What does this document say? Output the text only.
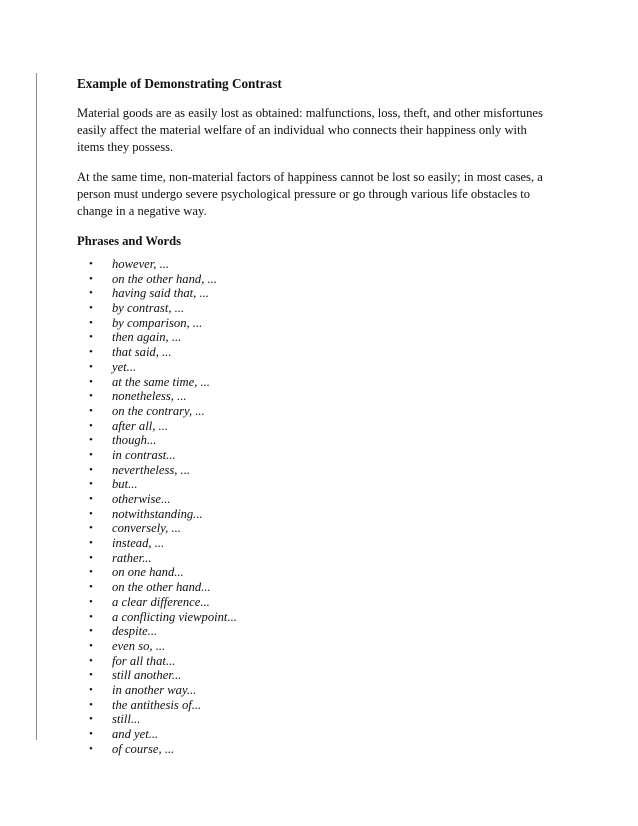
Example of Demonstrating Contrast

Material goods are as easily lost as obtained: malfunctions, loss, theft, and other misfortunes easily affect the material welfare of an individual who connects their happiness only with items they possess.

At the same time, non-material factors of happiness cannot be lost so easily; in most cases, a person must undergo severe psychological pressure or go through various life obstacles to change in a negative way.

Phrases and Words
• however, ...
• on the other hand, ...
• having said that, ...
• by contrast, ...
• by comparison, ...
• then again, ...
• that said, ...
• yet...
• at the same time, ...
• nonetheless, ...
• on the contrary, ...
• after all, ...
• though...
• in contrast...
• nevertheless, ...
• but...
• otherwise...
• notwithstanding...
• conversely, ...
• instead, ...
• rather...
• on one hand...
• on the other hand...
• a clear difference...
• a conflicting viewpoint...
• despite...
• even so, ...
• for all that...
• still another...
• in another way...
• the antithesis of...
• still...
• and yet...
• of course, ...
